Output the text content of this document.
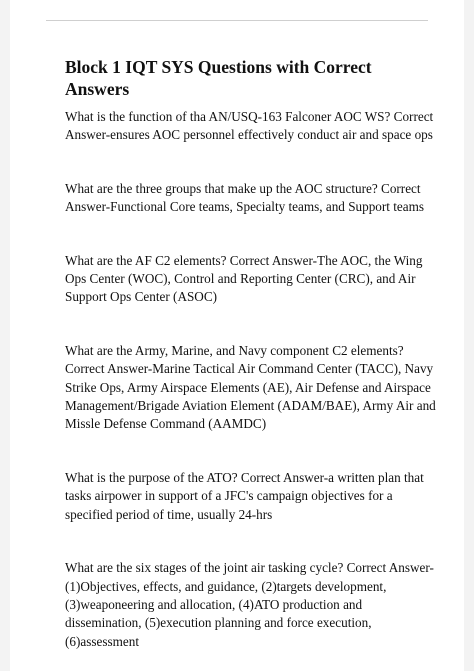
Block 1 IQT SYS Questions with Correct Answers

What is the function of tha AN/USQ-163 Falconer AOC WS? Correct Answer-ensures AOC personnel effectively conduct air and space ops

What are the three groups that make up the AOC structure? Correct Answer-Functional Core teams, Specialty teams, and Support teams

What are the AF C2 elements? Correct Answer-The AOC, the Wing Ops Center (WOC), Control and Reporting Center (CRC), and Air Support Ops Center (ASOC)

What are the Army, Marine, and Navy component C2 elements? Correct Answer-Marine Tactical Air Command Center (TACC), Navy Strike Ops, Army Airspace Elements (AE), Air Defense and Airspace Management/Brigade Aviation Element (ADAM/BAE), Army Air and Missle Defense Command (AAMDC)

What is the purpose of the ATO? Correct Answer-a written plan that tasks airpower in support of a JFC's campaign objectives for a specified period of time, usually 24-hrs

What are the six stages of the joint air tasking cycle? Correct Answer-(1)Objectives, effects, and guidance, (2)targets development, (3)weaponeering and allocation, (4)ATO production and dissemination, (5)execution planning and force execution, (6)assessment
